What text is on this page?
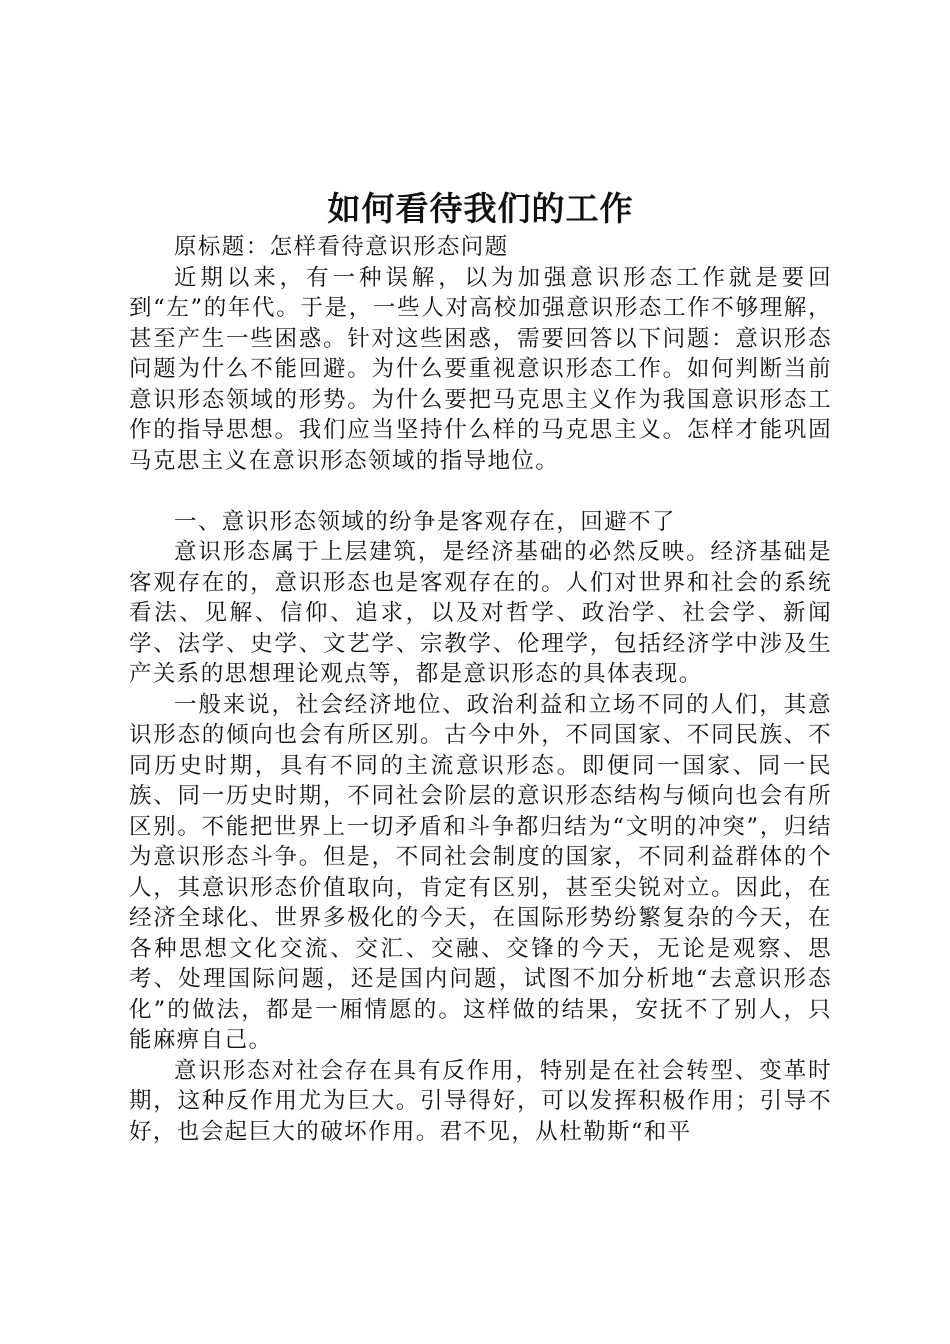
如何看待我们的工作

原标题：怎样看待意识形态问题

近期以来，有一种误解，以为加强意识形态工作就是要回到“左”的年代。于是，一些人对高校加强意识形态工作不够理解，甚至产生一些困惑。针对这些困惑，需要回答以下问题：意识形态问题为什么不能回避。为什么要重视意识形态工作。如何判断当前意识形态领域的形势。为什么要把马克思主义作为我国意识形态工作的指导思想。我们应当坚持什么样的马克思主义。怎样才能巩固马克思主义在意识形态领域的指导地位。

一、意识形态领域的纷争是客观存在，回避不了

意识形态属于上层建筑，是经济基础的必然反映。经济基础是客观存在的，意识形态也是客观存在的。人们对世界和社会的系统看法、见解、信仰、追求，以及对哲学、政治学、社会学、新闻学、法学、史学、文艺学、宗教学、伦理学，包括经济学中涉及生产关系的思想理论观点等，都是意识形态的具体表现。

一般来说，社会经济地位、政治利益和立场不同的人们，其意识形态的倾向也会有所区别。古今中外，不同国家、不同民族、不同历史时期，具有不同的主流意识形态。即便同一国家、同一民族、同一历史时期，不同社会阶层的意识形态结构与倾向也会有所区别。不能把世界上一切矛盾和斗争都归结为“文明的冲突”，归结为意识形态斗争。但是，不同社会制度的国家，不同利益群体的个人，其意识形态价值取向，肯定有区别，甚至尖锐对立。因此，在经济全球化、世界多极化的今天，在国际形势纷繁复杂的今天，在各种思想文化交流、交汇、交融、交锋的今天，无论是观察、思考、处理国际问题，还是国内问题，试图不加分析地“去意识形态化”的做法，都是一厢情愿的。这样做的结果，安抚不了别人，只能麻痹自己。

意识形态对社会存在具有反作用，特别是在社会转型、变革时期，这种反作用尤为巨大。引导得好，可以发挥积极作用；引导不好，也会起巨大的破坏作用。君不见，从杜勒斯“和平
